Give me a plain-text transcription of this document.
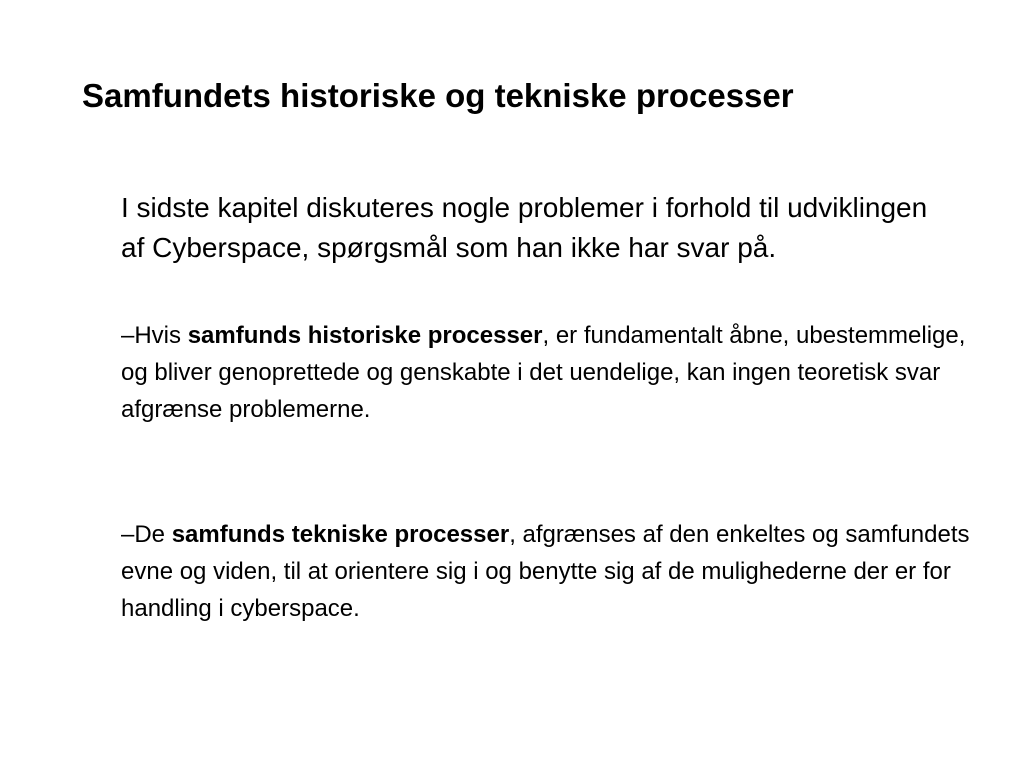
Samfundets historiske og tekniske processer

I sidste kapitel diskuteres nogle problemer i forhold til udviklingen af Cyberspace, spørgsmål som han ikke har svar på.

–Hvis samfunds historiske processer, er fundamentalt åbne, ubestemmelige, og bliver genoprettede og genskabte i det uendelige, kan ingen teoretisk svar afgrænse problemerne.

–De samfunds tekniske processer, afgrænses af den enkeltes og samfundets evne og viden, til at orientere sig i og benytte sig af de mulighederne der er for handling i cyberspace.
